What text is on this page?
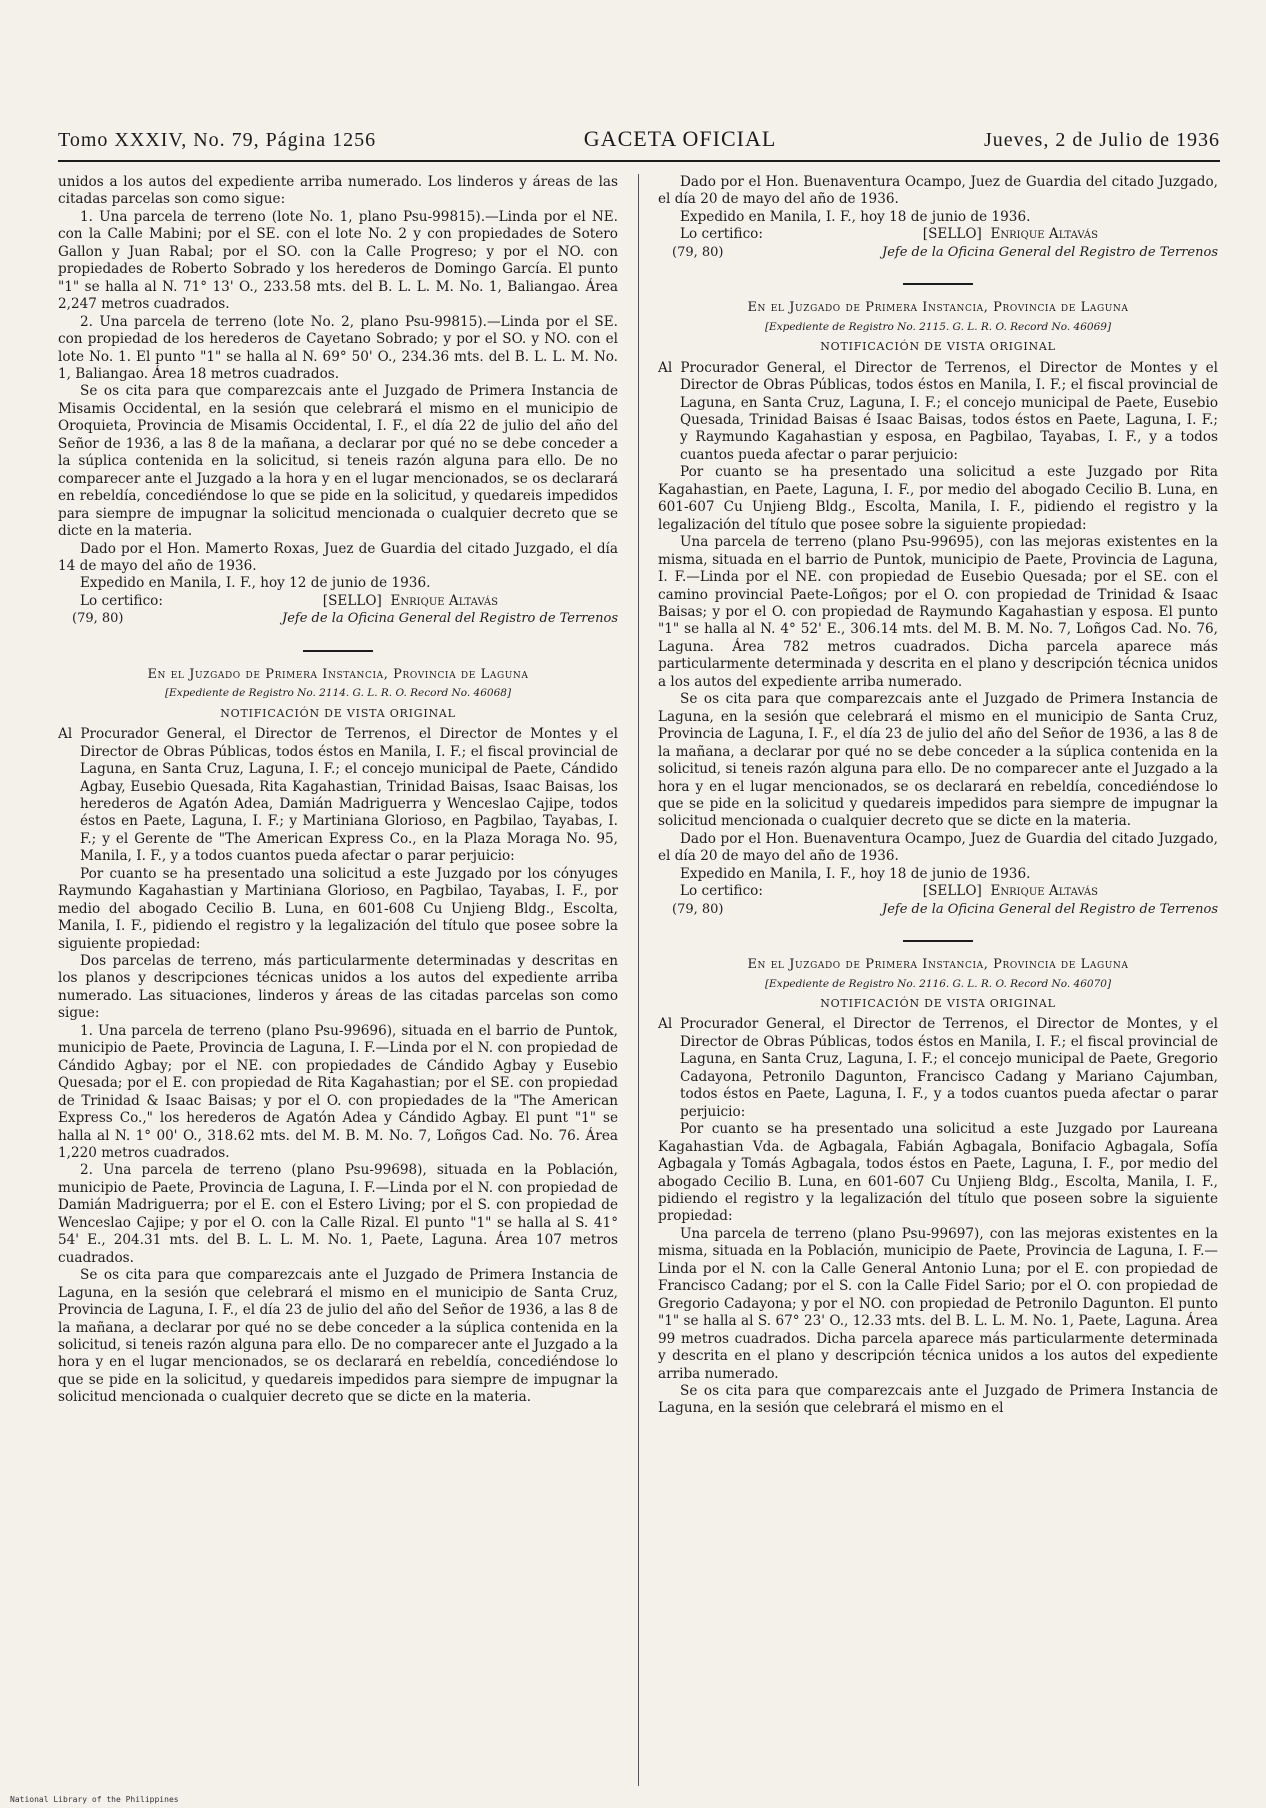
Tomo XXXIV, No. 79, Página 1256	GACETA OFICIAL	Jueves, 2 de Julio de 1936

unidos a los autos del expediente arriba numerado. Los linderos y áreas de las citadas parcelas son como sigue:

1. Una parcela de terreno (lote No. 1, plano Psu-99815).—Linda por el NE. con la Calle Mabini; por el SE. con el lote No. 2 y con propiedades de Sotero Gallon y Juan Rabal; por el SO. con la Calle Progreso; y por el NO. con propiedades de Roberto Sobrado y los herederos de Domingo García. El punto "1" se halla al N. 71° 13' O., 233.58 mts. del B. L. L. M. No. 1, Baliangao. Área 2,247 metros cuadrados.

2. Una parcela de terreno (lote No. 2, plano Psu-99815).—Linda por el SE. con propiedad de los herederos de Cayetano Sobrado; y por el SO. y NO. con el lote No. 1. El punto "1" se halla al N. 69° 50' O., 234.36 mts. del B. L. L. M. No. 1, Baliangao. Área 18 metros cuadrados.

Se os cita para que comparezcais ante el Juzgado de Primera Instancia de Misamis Occidental, en la sesión que celebrará el mismo en el municipio de Oroquieta, Provincia de Misamis Occidental, I. F., el día 22 de julio del año del Señor de 1936, a las 8 de la mañana, a declarar por qué no se debe conceder a la súplica contenida en la solicitud, si teneis razón alguna para ello. De no comparecer ante el Juzgado a la hora y en el lugar mencionados, se os declarará en rebeldía, concediéndose lo que se pide en la solicitud, y quedareis impedidos para siempre de impugnar la solicitud mencionada o cualquier decreto que se dicte en la materia.

Dado por el Hon. Mamerto Roxas, Juez de Guardia del citado Juzgado, el día 14 de mayo del año de 1936.

Expedido en Manila, I. F., hoy 12 de junio de 1936.

Lo certifico:	[SELLO] Enrique Altavás
(79, 80)	Jefe de la Oficina General del Registro de Terrenos
En el Juzgado de Primera Instancia, Provincia de Laguna
[Expediente de Registro No. 2114. G. L. R. O. Record No. 46068]
NOTIFICACIÓN DE VISTA ORIGINAL

Al Procurador General, el Director de Terrenos, el Director de Montes y el Director de Obras Públicas, todos éstos en Manila, I. F.; el fiscal provincial de Laguna, en Santa Cruz, Laguna, I. F.; el concejo municipal de Paete, Cándido Agbay, Eusebio Quesada, Rita Kagahastian, Trinidad Baisas, Isaac Baisas, los herederos de Agatón Adea, Damián Madriguerra y Wenceslao Cajipe, todos éstos en Paete, Laguna, I. F.; y Martiniana Glorioso, en Pagbilao, Tayabas, I. F.; y el Gerente de "The American Express Co., en la Plaza Moraga No. 95, Manila, I. F., y a todos cuantos pueda afectar o parar perjuicio:

Por cuanto se ha presentado una solicitud a este Juzgado por los cónyuges Raymundo Kagahastian y Martiniana Glorioso, en Pagbilao, Tayabas, I. F., por medio del abogado Cecilio B. Luna, en 601-608 Cu Unjieng Bldg., Escolta, Manila, I. F., pidiendo el registro y la legalización del título que posee sobre la siguiente propiedad:

Dos parcelas de terreno, más particularmente determinadas y descritas en los planos y descripciones técnicas unidos a los autos del expediente arriba numerado. Las situaciones, linderos y áreas de las citadas parcelas son como sigue:

1. Una parcela de terreno (plano Psu-99696), situada en el barrio de Puntok, municipio de Paete, Provincia de Laguna, I. F.—Linda por el N. con propiedad de Cándido Agbay; por el NE. con propiedades de Cándido Agbay y Eusebio Quesada; por el E. con propiedad de Rita Kagahastian; por el SE. con propiedad de Trinidad & Isaac Baisas; y por el O. con propiedades de la "The American Express Co.," los herederos de Agatón Adea y Cándido Agbay. El punt "1" se halla al N. 1° 00' O., 318.62 mts. del M. B. M. No. 7, Loñgos Cad. No. 76. Área 1,220 metros cuadrados.

2. Una parcela de terreno (plano Psu-99698), situada en la Población, municipio de Paete, Provincia de Laguna, I. F.—Linda por el N. con propiedad de Damián Madriguerra; por el E. con el Estero Living; por el S. con propiedad de Wenceslao Cajipe; y por el O. con la Calle Rizal. El punto "1" se halla al S. 41° 54' E., 204.31 mts. del B. L. L. M. No. 1, Paete, Laguna. Área 107 metros cuadrados.

Se os cita para que comparezcais ante el Juzgado de Primera Instancia de Laguna, en la sesión que celebrará el mismo en el municipio de Santa Cruz, Provincia de Laguna, I. F., el día 23 de julio del año del Señor de 1936, a las 8 de la mañana, a declarar por qué no se debe conceder a la súplica contenida en la solicitud, si teneis razón alguna para ello. De no comparecer ante el Juzgado a la hora y en el lugar mencionados, se os declarará en rebeldía, concediéndose lo que se pide en la solicitud, y quedareis impedidos para siempre de impugnar la solicitud mencionada o cualquier decreto que se dicte en la materia.

Dado por el Hon. Buenaventura Ocampo, Juez de Guardia del citado Juzgado, el día 20 de mayo del año de 1936.

Expedido en Manila, I. F., hoy 18 de junio de 1936.

Lo certifico:	[SELLO] Enrique Altavás
(79, 80)	Jefe de la Oficina General del Registro de Terrenos
En el Juzgado de Primera Instancia, Provincia de Laguna
[Expediente de Registro No. 2115. G. L. R. O. Record No. 46069]
NOTIFICACIÓN DE VISTA ORIGINAL

Al Procurador General, el Director de Terrenos, el Director de Montes y el Director de Obras Públicas, todos éstos en Manila, I. F.; el fiscal provincial de Laguna, en Santa Cruz, Laguna, I. F.; el concejo municipal de Paete, Eusebio Quesada, Trinidad Baisas é Isaac Baisas, todos éstos en Paete, Laguna, I. F.; y Raymundo Kagahastian y esposa, en Pagbilao, Tayabas, I. F., y a todos cuantos pueda afectar o parar perjuicio:

Por cuanto se ha presentado una solicitud a este Juzgado por Rita Kagahastian, en Paete, Laguna, I. F., por medio del abogado Cecilio B. Luna, en 601-607 Cu Unjieng Bldg., Escolta, Manila, I. F., pidiendo el registro y la legalización del título que posee sobre la siguiente propiedad:

Una parcela de terreno (plano Psu-99695), con las mejoras existentes en la misma, situada en el barrio de Puntok, municipio de Paete, Provincia de Laguna, I. F.—Linda por el NE. con propiedad de Eusebio Quesada; por el SE. con el camino provincial Paete-Loñgos; por el O. con propiedad de Trinidad & Isaac Baisas; y por el O. con propiedad de Raymundo Kagahastian y esposa. El punto "1" se halla al N. 4° 52' E., 306.14 mts. del M. B. M. No. 7, Loñgos Cad. No. 76, Laguna. Área 782 metros cuadrados. Dicha parcela aparece más particularmente determinada y descrita en el plano y descripción técnica unidos a los autos del expediente arriba numerado.

Se os cita para que comparezcais ante el Juzgado de Primera Instancia de Laguna, en la sesión que celebrará el mismo en el municipio de Santa Cruz, Provincia de Laguna, I. F., el día 23 de julio del año del Señor de 1936, a las 8 de la mañana, a declarar por qué no se debe conceder a la súplica contenida en la solicitud, si teneis razón alguna para ello. De no comparecer ante el Juzgado a la hora y en el lugar mencionados, se os declarará en rebeldía, concediéndose lo que se pide en la solicitud y quedareis impedidos para siempre de impugnar la solicitud mencionada o cualquier decreto que se dicte en la materia.

Dado por el Hon. Buenaventura Ocampo, Juez de Guardia del citado Juzgado, el día 20 de mayo del año de 1936.

Expedido en Manila, I. F., hoy 18 de junio de 1936.

Lo certifico:	[SELLO] Enrique Altavás
(79, 80)	Jefe de la Oficina General del Registro de Terrenos
En el Juzgado de Primera Instancia, Provincia de Laguna
[Expediente de Registro No. 2116. G. L. R. O. Record No. 46070]
NOTIFICACIÓN DE VISTA ORIGINAL

Al Procurador General, el Director de Terrenos, el Director de Montes, y el Director de Obras Públicas, todos éstos en Manila, I. F.; el fiscal provincial de Laguna, en Santa Cruz, Laguna, I. F.; el concejo municipal de Paete, Gregorio Cadayona, Petronilo Dagunton, Francisco Cadang y Mariano Cajumban, todos éstos en Paete, Laguna, I. F., y a todos cuantos pueda afectar o parar perjuicio:

Por cuanto se ha presentado una solicitud a este Juzgado por Laureana Kagahastian Vda. de Agbagala, Fabián Agbagala, Bonifacio Agbagala, Sofía Agbagala y Tomás Agbagala, todos éstos en Paete, Laguna, I. F., por medio del abogado Cecilio B. Luna, en 601-607 Cu Unjieng Bldg., Escolta, Manila, I. F., pidiendo el registro y la legalización del título que poseen sobre la siguiente propiedad:

Una parcela de terreno (plano Psu-99697), con las mejoras existentes en la misma, situada en la Población, municipio de Paete, Provincia de Laguna, I. F.—Linda por el N. con la Calle General Antonio Luna; por el E. con propiedad de Francisco Cadang; por el S. con la Calle Fidel Sario; por el O. con propiedad de Gregorio Cadayona; y por el NO. con propiedad de Petronilo Dagunton. El punto "1" se halla al S. 67° 23' O., 12.33 mts. del B. L. L. M. No. 1, Paete, Laguna. Área 99 metros cuadrados. Dicha parcela aparece más particularmente determinada y descrita en el plano y descripción técnica unidos a los autos del expediente arriba numerado.

Se os cita para que comparezcais ante el Juzgado de Primera Instancia de Laguna, en la sesión que celebrará el mismo en el

National Library of the Philippines
